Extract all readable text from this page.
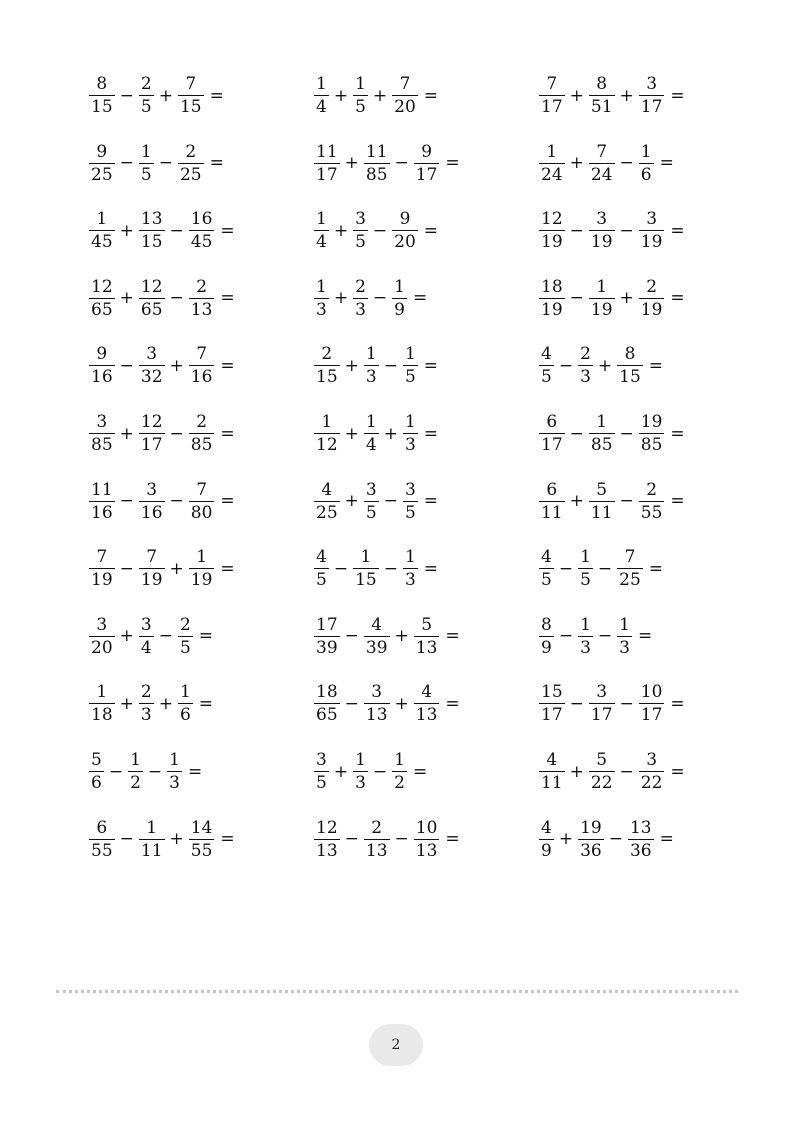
$\frac{8}{15} - \frac{2}{5} + \frac{7}{15}$ =	$\frac{1}{4} + \frac{1}{5} + \frac{7}{20}$ =	$\frac{7}{17} + \frac{8}{51} + \frac{3}{17}$ =
$\frac{9}{25} - \frac{1}{5} - \frac{2}{25}$ =	$\frac{11}{17} + \frac{11}{85} - \frac{9}{17}$ =	$\frac{1}{24} + \frac{7}{24} - \frac{1}{6}$ =
$\frac{1}{45} + \frac{13}{15} - \frac{16}{45}$ =	$\frac{1}{4} + \frac{3}{5} - \frac{9}{20}$ =	$\frac{12}{19} - \frac{3}{19} - \frac{3}{19}$ =
$\frac{12}{65} + \frac{12}{65} - \frac{2}{13}$ =	$\frac{1}{3} + \frac{2}{3} - \frac{1}{9}$ =	$\frac{18}{19} - \frac{1}{19} + \frac{2}{19}$ =
$\frac{9}{16} - \frac{3}{32} + \frac{7}{16}$ =	$\frac{2}{15} + \frac{1}{3} - \frac{1}{5}$ =	$\frac{4}{5} - \frac{2}{3} + \frac{8}{15}$ =
$\frac{3}{85} + \frac{12}{17} - \frac{2}{85}$ =	$\frac{1}{12} + \frac{1}{4} + \frac{1}{3}$ =	$\frac{6}{17} - \frac{1}{85} - \frac{19}{85}$ =
$\frac{11}{16} - \frac{3}{16} - \frac{7}{80}$ =	$\frac{4}{25} + \frac{3}{5} - \frac{3}{5}$ =	$\frac{6}{11} + \frac{5}{11} - \frac{2}{55}$ =
$\frac{7}{19} - \frac{7}{19} + \frac{1}{19}$ =	$\frac{4}{5} - \frac{1}{15} - \frac{1}{3}$ =	$\frac{4}{5} - \frac{1}{5} - \frac{7}{25}$ =
$\frac{3}{20} + \frac{3}{4} - \frac{2}{5}$ =	$\frac{17}{39} - \frac{4}{39} + \frac{5}{13}$ =	$\frac{8}{9} - \frac{1}{3} - \frac{1}{3}$ =
$\frac{1}{18} + \frac{2}{3} + \frac{1}{6}$ =	$\frac{18}{65} - \frac{3}{13} + \frac{4}{13}$ =	$\frac{15}{17} - \frac{3}{17} - \frac{10}{17}$ =
$\frac{5}{6} - \frac{1}{2} - \frac{1}{3}$ =	$\frac{3}{5} + \frac{1}{3} - \frac{1}{2}$ =	$\frac{4}{11} + \frac{5}{22} - \frac{3}{22}$ =
$\frac{6}{55} - \frac{1}{11} + \frac{14}{55}$ =	$\frac{12}{13} - \frac{2}{13} - \frac{10}{13}$ =	$\frac{4}{9} + \frac{19}{36} - \frac{13}{36}$ =
2
